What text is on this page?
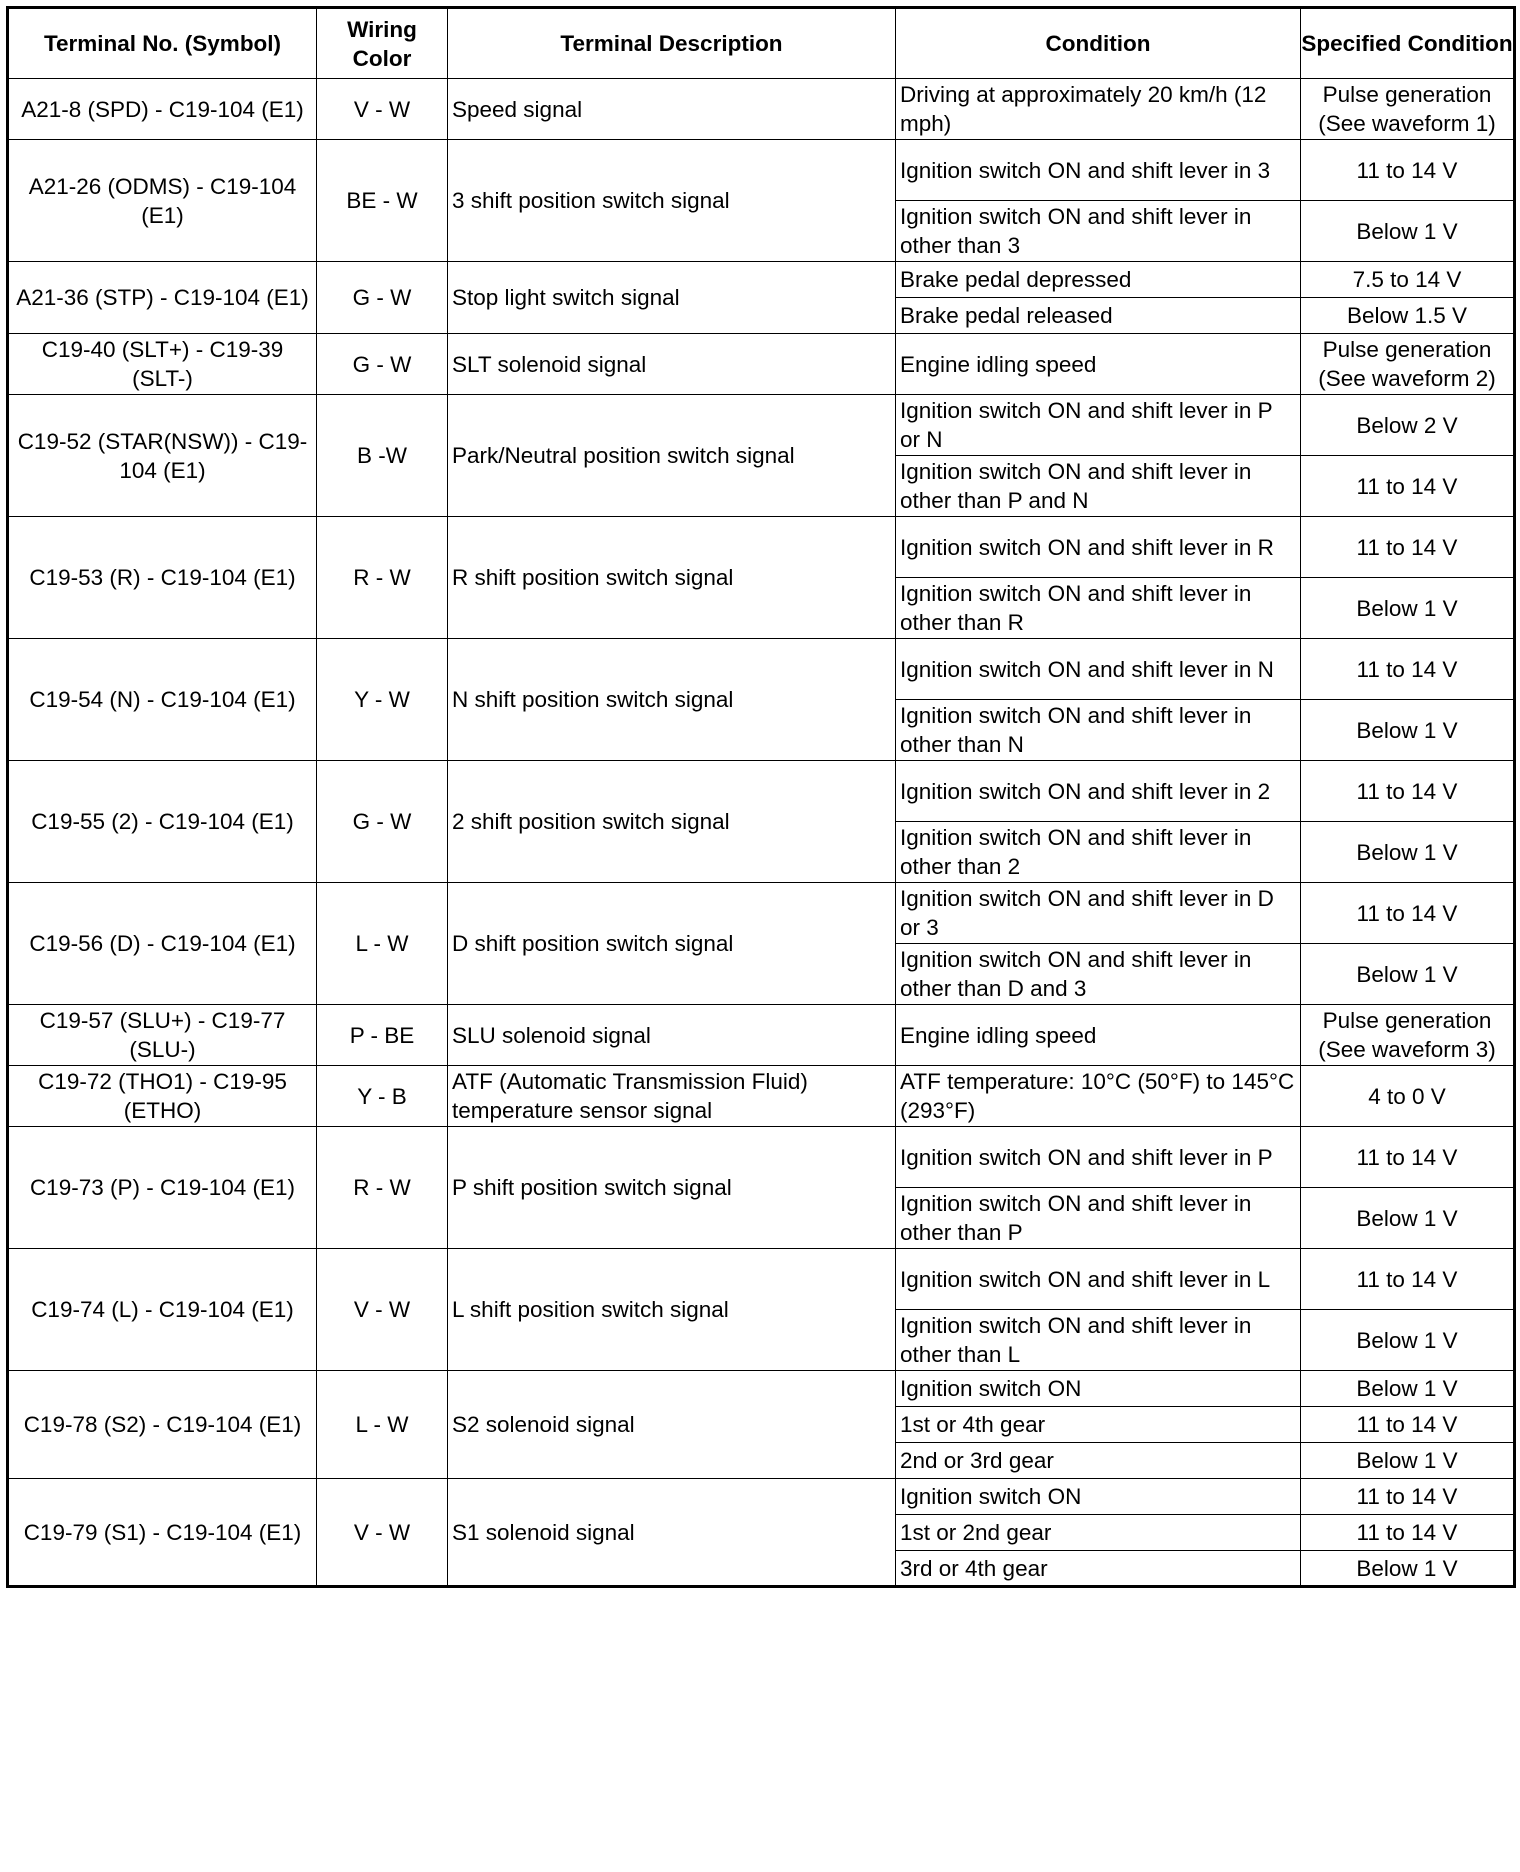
Terminal No. (Symbol)	Wiring Color	Terminal Description	Condition	Specified Condition
A21-8 (SPD) - C19-104 (E1)	V - W	Speed signal	Driving at approximately 20 km/h (12 mph)	Pulse generation (See waveform 1)
A21-26 (ODMS) - C19-104 (E1)	BE - W	3 shift position switch signal	Ignition switch ON and shift lever in 3	11 to 14 V
			Ignition switch ON and shift lever in other than 3	Below 1 V
A21-36 (STP) - C19-104 (E1)	G - W	Stop light switch signal	Brake pedal depressed	7.5 to 14 V
			Brake pedal released	Below 1.5 V
C19-40 (SLT+) - C19-39 (SLT-)	G - W	SLT solenoid signal	Engine idling speed	Pulse generation (See waveform 2)
C19-52 (STAR(NSW)) - C19-104 (E1)	B -W	Park/Neutral position switch signal	Ignition switch ON and shift lever in P or N	Below 2 V
			Ignition switch ON and shift lever in other than P and N	11 to 14 V
C19-53 (R) - C19-104 (E1)	R - W	R shift position switch signal	Ignition switch ON and shift lever in R	11 to 14 V
			Ignition switch ON and shift lever in other than R	Below 1 V
C19-54 (N) - C19-104 (E1)	Y - W	N shift position switch signal	Ignition switch ON and shift lever in N	11 to 14 V
			Ignition switch ON and shift lever in other than N	Below 1 V
C19-55 (2) - C19-104 (E1)	G - W	2 shift position switch signal	Ignition switch ON and shift lever in 2	11 to 14 V
			Ignition switch ON and shift lever in other than 2	Below 1 V
C19-56 (D) - C19-104 (E1)	L - W	D shift position switch signal	Ignition switch ON and shift lever in D or 3	11 to 14 V
			Ignition switch ON and shift lever in other than D and 3	Below 1 V
C19-57 (SLU+) - C19-77 (SLU-)	P - BE	SLU solenoid signal	Engine idling speed	Pulse generation (See waveform 3)
C19-72 (THO1) - C19-95 (ETHO)	Y - B	ATF (Automatic Transmission Fluid) temperature sensor signal	ATF temperature: 10°C (50°F) to 145°C (293°F)	4 to 0 V
C19-73 (P) - C19-104 (E1)	R - W	P shift position switch signal	Ignition switch ON and shift lever in P	11 to 14 V
			Ignition switch ON and shift lever in other than P	Below 1 V
C19-74 (L) - C19-104 (E1)	V - W	L shift position switch signal	Ignition switch ON and shift lever in L	11 to 14 V
			Ignition switch ON and shift lever in other than L	Below 1 V
C19-78 (S2) - C19-104 (E1)	L - W	S2 solenoid signal	Ignition switch ON	Below 1 V
			1st or 4th gear	11 to 14 V
			2nd or 3rd gear	Below 1 V
C19-79 (S1) - C19-104 (E1)	V - W	S1 solenoid signal	Ignition switch ON	11 to 14 V
			1st or 2nd gear	11 to 14 V
			3rd or 4th gear	Below 1 V
